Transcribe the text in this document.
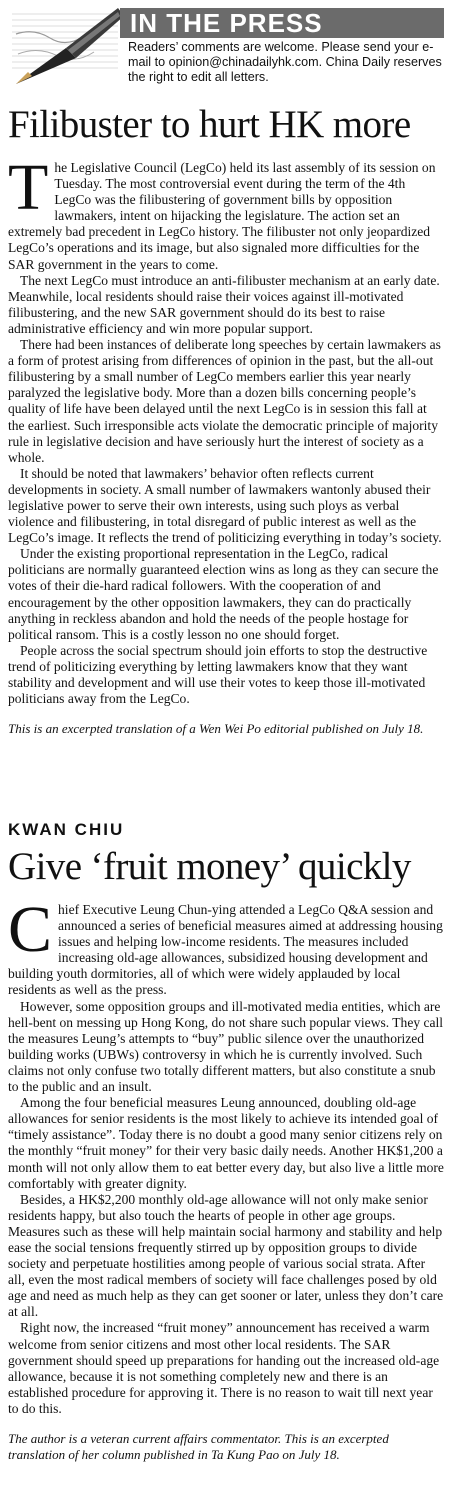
IN THE PRESS
Readers’ comments are welcome. Please send your e-mail to opinion@chinadailyhk.com. China Daily reserves the right to edit all letters.
Filibuster to hurt HK more

The Legislative Council (LegCo) held its last assembly of its session on Tuesday. The most controversial event during the term of the 4th LegCo was the filibustering of government bills by opposition lawmakers, intent on hijacking the legislature. The action set an extremely bad precedent in LegCo history. The filibuster not only jeopardized LegCo’s operations and its image, but also signaled more difficulties for the SAR government in the years to come.

The next LegCo must introduce an anti-filibuster mechanism at an early date. Meanwhile, local residents should raise their voices against ill-motivated filibustering, and the new SAR government should do its best to raise administrative efficiency and win more popular support.

There had been instances of deliberate long speeches by certain lawmakers as a form of protest arising from differences of opinion in the past, but the all-out filibustering by a small number of LegCo members earlier this year nearly paralyzed the legislative body. More than a dozen bills concerning people’s quality of life have been delayed until the next LegCo is in session this fall at the earliest. Such irresponsible acts violate the democratic principle of majority rule in legislative decision and have seriously hurt the interest of society as a whole.

It should be noted that lawmakers’ behavior often reflects current developments in society. A small number of lawmakers wantonly abused their legislative power to serve their own interests, using such ploys as verbal violence and filibustering, in total disregard of public interest as well as the LegCo’s image. It reflects the trend of politicizing everything in today’s society.

Under the existing proportional representation in the LegCo, radical politicians are normally guaranteed election wins as long as they can secure the votes of their die-hard radical followers. With the cooperation of and encouragement by the other opposition lawmakers, they can do practically anything in reckless abandon and hold the needs of the people hostage for political ransom. This is a costly lesson no one should forget.

People across the social spectrum should join efforts to stop the destructive trend of politicizing everything by letting lawmakers know that they want stability and development and will use their votes to keep those ill-motivated politicians away from the LegCo.

This is an excerpted translation of a Wen Wei Po editorial published on July 18.

KWAN CHIU

Give ‘fruit money’ quickly

Chief Executive Leung Chun-ying attended a LegCo Q&A session and announced a series of beneficial measures aimed at addressing housing issues and helping low-income residents. The measures included increasing old-age allowances, subsidized housing development and building youth dormitories, all of which were widely applauded by local residents as well as the press.

However, some opposition groups and ill-motivated media entities, which are hell-bent on messing up Hong Kong, do not share such popular views. They call the measures Leung’s attempts to “buy” public silence over the unauthorized building works (UBWs) controversy in which he is currently involved. Such claims not only confuse two totally different matters, but also constitute a snub to the public and an insult.

Among the four beneficial measures Leung announced, doubling old-age allowances for senior residents is the most likely to achieve its intended goal of “timely assistance”. Today there is no doubt a good many senior citizens rely on the monthly “fruit money” for their very basic daily needs. Another HK$1,200 a month will not only allow them to eat better every day, but also live a little more comfortably with greater dignity.

Besides, a HK$2,200 monthly old-age allowance will not only make senior residents happy, but also touch the hearts of people in other age groups. Measures such as these will help maintain social harmony and stability and help ease the social tensions frequently stirred up by opposition groups to divide society and perpetuate hostilities among people of various social strata. After all, even the most radical members of society will face challenges posed by old age and need as much help as they can get sooner or later, unless they don’t care at all.

Right now, the increased “fruit money” announcement has received a warm welcome from senior citizens and most other local residents. The SAR government should speed up preparations for handing out the increased old-age allowance, because it is not something completely new and there is an established procedure for approving it. There is no reason to wait till next year to do this.

The author is a veteran current affairs commentator. This is an excerpted translation of her column published in Ta Kung Pao on July 18.
